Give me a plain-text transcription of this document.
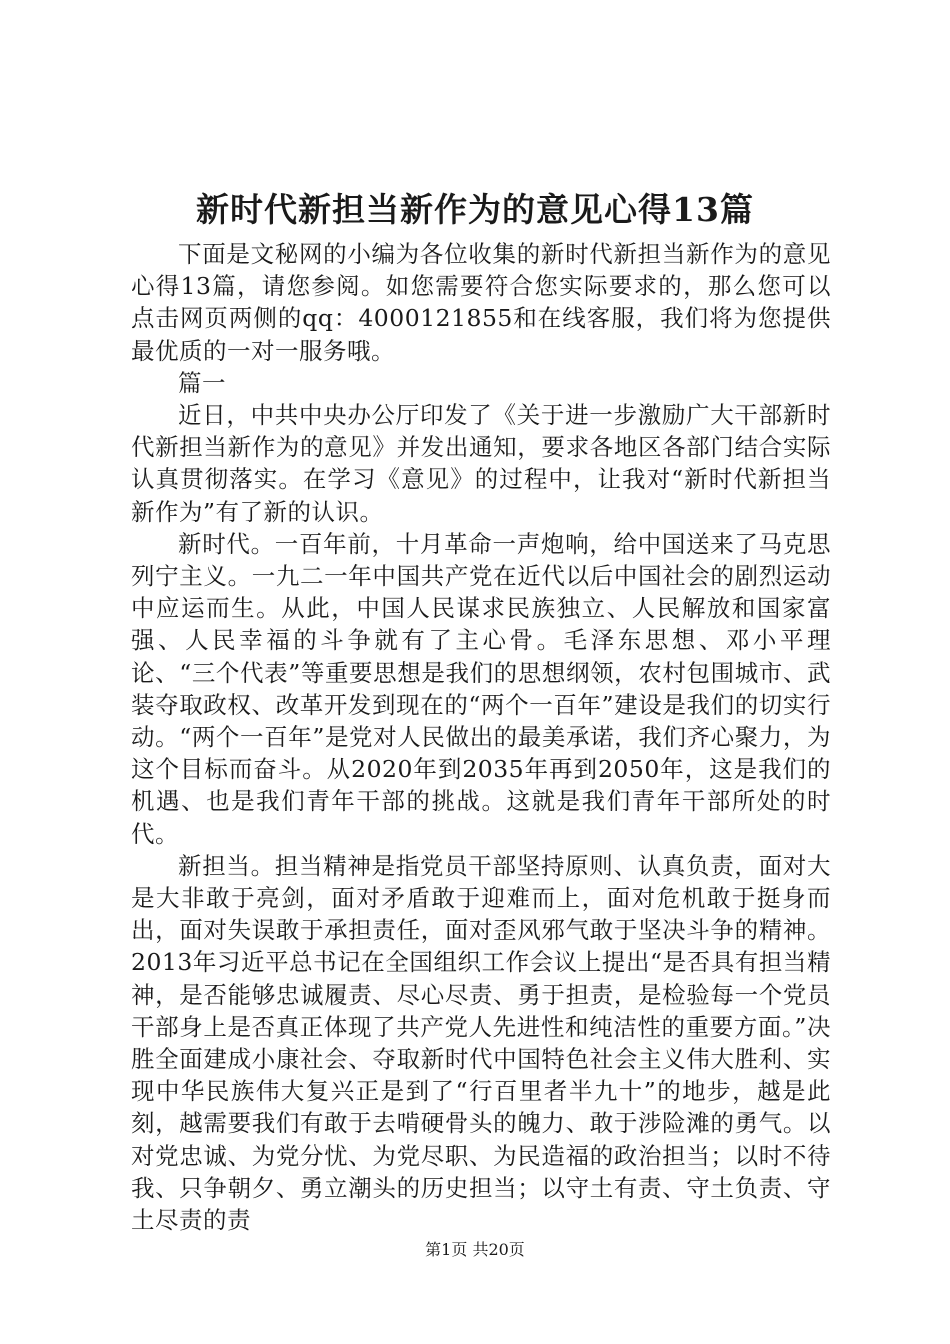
新时代新担当新作为的意见心得13篇

下面是文秘网的小编为各位收集的新时代新担当新作为的意见心得13篇，请您参阅。如您需要符合您实际要求的，那么您可以点击网页两侧的qq：4000121855和在线客服，我们将为您提供最优质的一对一服务哦。

篇一

近日，中共中央办公厅印发了《关于进一步激励广大干部新时代新担当新作为的意见》并发出通知，要求各地区各部门结合实际认真贯彻落实。在学习《意见》的过程中，让我对“新时代新担当新作为”有了新的认识。

新时代。一百年前，十月革命一声炮响，给中国送来了马克思列宁主义。一九二一年中国共产党在近代以后中国社会的剧烈运动中应运而生。从此，中国人民谋求民族独立、人民解放和国家富强、人民幸福的斗争就有了主心骨。毛泽东思想、邓小平理论、“三个代表”等重要思想是我们的思想纲领，农村包围城市、武装夺取政权、改革开发到现在的“两个一百年”建设是我们的切实行动。“两个一百年”是党对人民做出的最美承诺，我们齐心聚力，为这个目标而奋斗。从2020年到2035年再到2050年，这是我们的机遇、也是我们青年干部的挑战。这就是我们青年干部所处的时代。

新担当。担当精神是指党员干部坚持原则、认真负责，面对大是大非敢于亮剑，面对矛盾敢于迎难而上，面对危机敢于挺身而出，面对失误敢于承担责任，面对歪风邪气敢于坚决斗争的精神。2013年习近平总书记在全国组织工作会议上提出“是否具有担当精神，是否能够忠诚履责、尽心尽责、勇于担责，是检验每一个党员干部身上是否真正体现了共产党人先进性和纯洁性的重要方面。”决胜全面建成小康社会、夺取新时代中国特色社会主义伟大胜利、实现中华民族伟大复兴正是到了“行百里者半九十”的地步，越是此刻，越需要我们有敢于去啃硬骨头的魄力、敢于涉险滩的勇气。以对党忠诚、为党分忧、为党尽职、为民造福的政治担当；以时不待我、只争朝夕、勇立潮头的历史担当；以守土有责、守土负责、守土尽责的责

第1页 共20页
